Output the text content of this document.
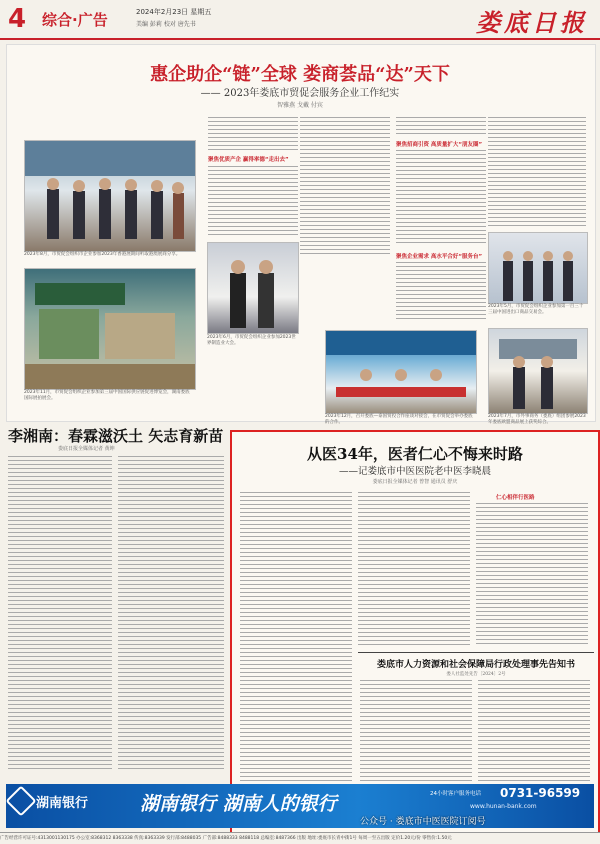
4 综合·广告	2024年2月23日 星期五
美编 彭莉 校对 唐先书	娄底日报
惠企助企“链”全球 娄商荟品“达”天下
—— 2023年娄底市贸促会服务企业工作纪实
智雅燕 戈戴 付宾
2023年8月，市贸促会组织市企业参加2023年香港展期间听取港澳展商分享。
2023年11月，市贸促会组织企业参加第三届中国国际供应链促进博览会，湖南娄底国际展拍展会。
2023年6月，市贸促会组织企业参加2023世界制造业大会。
2023年5月，市贸促会组织企业参加第一百三十三届中国进出口商品交易会。
2023年12月，召开娄底—泰国贸投合作座谈对接会，在市贸促会举办娄底的合作。
2023年7月，市外事商务（娄底）组团参展2023年娄底欧盟商品展上获奖综合。
聚焦优质产企 赢得率德“走出去”
聚焦招商引资 高质量扩大“朋友圈”
聚焦企业需求 高水平合好“服务台”
李湘南：春霖滋沃土 矢志育新苗
娄底日报全媒体记者 黄坤	从医34年，医者仁心不悔来时路
——记娄底市中医医院老中医李晓晨
娄底日报全媒体记者 曾智 通讯员 舒庆
仁心相伴行医路
娄底市人力资源和社会保障局行政处理事先告知书
娄人社监处先告〔2024〕2号
湖南银行	湖南银行 湖南人的银行	24小时客户服务电话 0731-96599
www.hunan-bank.com
公众号 · 娄底市中医医院订阅号
广告经营许可证号:4313001130175 办公室:8368312 8363338 传真:8363339 发行部:8488035 广告部:8488333 8488118 总编室:8487366 出版 地址:娄底市长青中街1号 每周一至五出版 定价1.20元/份 零售价:1.50元
